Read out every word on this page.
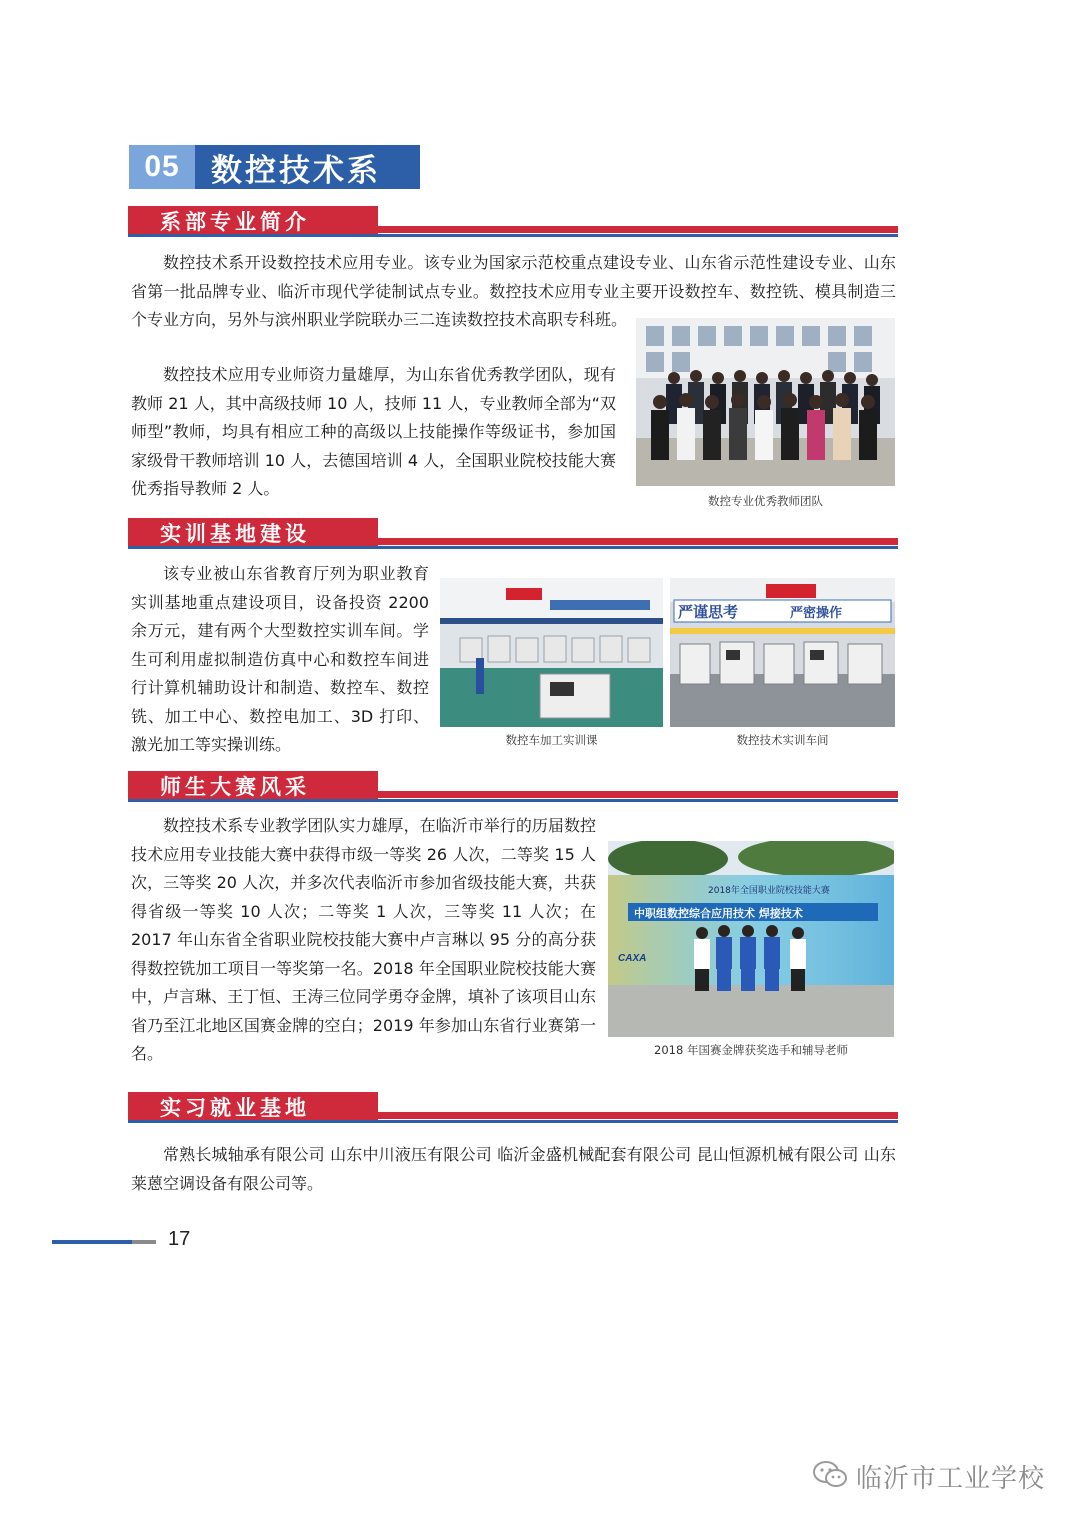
05	数控技术系
系部专业简介

数控技术系开设数控技术应用专业。该专业为国家示范校重点建设专业、山东省示范性建设专业、山东省第一批品牌专业、临沂市现代学徒制试点专业。数控技术应用专业主要开设数控车、数控铣、模具制造三个专业方向，另外与滨州职业学院联办三二连读数控技术高职专科班。

数控技术应用专业师资力量雄厚，为山东省优秀教学团队，现有教师 21 人，其中高级技师 10 人，技师 11 人，专业教师全部为“双师型”教师，均具有相应工种的高级以上技能操作等级证书，参加国家级骨干教师培训 10 人，去德国培训 4 人，全国职业院校技能大赛优秀指导教师 2 人。

数控专业优秀教师团队
实训基地建设

该专业被山东省教育厅列为职业教育实训基地重点建设项目，设备投资 2200 余万元，建有两个大型数控实训车间。学生可利用虚拟制造仿真中心和数控车间进行计算机辅助设计和制造、数控车、数控铣、加工中心、数控电加工、3D 打印、激光加工等实操训练。	数控车加工实训课
严谨思考	严密操作
数控技术实训车间
师生大赛风采

数控技术系专业教学团队实力雄厚，在临沂市举行的历届数控技术应用专业技能大赛中获得市级一等奖 26 人次，二等奖 15 人次，三等奖 20 人次，并多次代表临沂市参加省级技能大赛，共获得省级一等奖 10 人次；二等奖 1 人次，三等奖 11 人次；在 2017 年山东省全省职业院校技能大赛中卢言琳以 95 分的高分获得数控铣加工项目一等奖第一名。2018 年全国职业院校技能大赛中，卢言琳、王丁恒、王涛三位同学勇夺金牌，填补了该项目山东省乃至江北地区国赛金牌的空白；2019 年参加山东省行业赛第一名。

2018年全国职业院校技能大赛
中职组数控综合应用技术 焊接技术
CAXA
2018 年国赛金牌获奖选手和辅导老师
实习就业基地

常熟长城轴承有限公司 山东中川液压有限公司 临沂金盛机械配套有限公司 昆山恒源机械有限公司 山东莱蒽空调设备有限公司等。

17
临沂市工业学校
